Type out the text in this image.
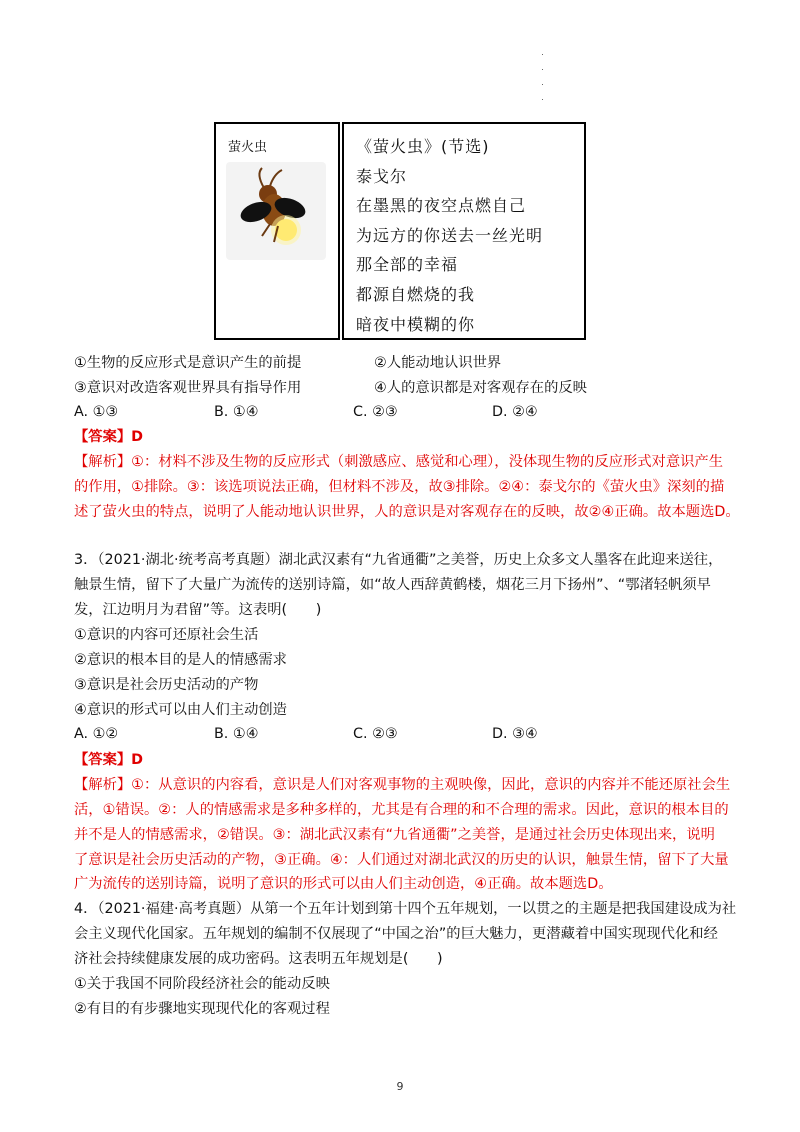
萤火虫	《萤火虫》(节选)
泰戈尔
在墨黑的夜空点燃自己
为远方的你送去一丝光明
那全部的幸福
都源自燃烧的我
暗夜中模糊的你
①生物的反应形式是意识产生的前提	②人能动地认识世界
③意识对改造客观世界具有指导作用	④人的意识都是对客观存在的反映
A. ①③	B. ①④	C. ②③	D. ②④
【答案】D
【解析】①：材料不涉及生物的反应形式（刺激感应、感觉和心理），没体现生物的反应形式对意识产生
的作用，①排除。③：该选项说法正确，但材料不涉及，故③排除。②④：泰戈尔的《萤火虫》深刻的描
述了萤火虫的特点，说明了人能动地认识世界，人的意识是对客观存在的反映，故②④正确。故本题选D。
3．（2021·湖北·统考高考真题）湖北武汉素有“九省通衢”之美誉，历史上众多文人墨客在此迎来送往，
触景生情，留下了大量广为流传的送别诗篇，如“故人西辞黄鹤楼，烟花三月下扬州”、“鄂渚轻帆须早
发，江边明月为君留”等。这表明(　　)
①意识的内容可还原社会生活
②意识的根本目的是人的情感需求
③意识是社会历史活动的产物
④意识的形式可以由人们主动创造
A. ①②	B. ①④	C. ②③	D. ③④
【答案】D
【解析】①：从意识的内容看，意识是人们对客观事物的主观映像，因此，意识的内容并不能还原社会生
活，①错误。②：人的情感需求是多种多样的，尤其是有合理的和不合理的需求。因此，意识的根本目的
并不是人的情感需求，②错误。③：湖北武汉素有“九省通衢”之美誉，是通过社会历史体现出来，说明
了意识是社会历史活动的产物，③正确。④：人们通过对湖北武汉的历史的认识，触景生情，留下了大量
广为流传的送别诗篇，说明了意识的形式可以由人们主动创造，④正确。故本题选D。
4．（2021·福建·高考真题）从第一个五年计划到第十四个五年规划，一以贯之的主题是把我国建设成为社
会主义现代化国家。五年规划的编制不仅展现了“中国之治”的巨大魅力，更潜藏着中国实现现代化和经
济社会持续健康发展的成功密码。这表明五年规划是(　　)
①关于我国不同阶段经济社会的能动反映
②有目的有步骤地实现现代化的客观过程
9
